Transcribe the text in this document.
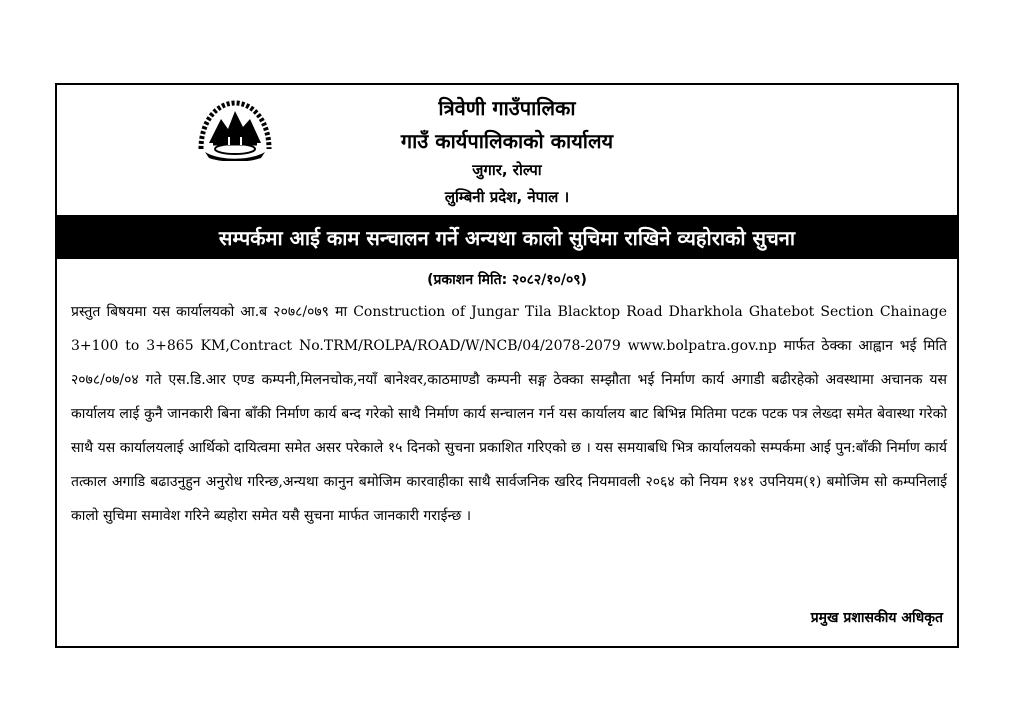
त्रिवेणी गाउँपालिका
गाउँ कार्यपालिकाको कार्यालय
जुगार, रोल्पा
लुम्बिनी प्रदेश, नेपाल ।
सम्पर्कमा आई काम सन्चालन गर्ने अन्यथा कालो सुचिमा राखिने व्यहोराको सुचना
(प्रकाशन मिति: २०८२/१०/०९)

प्रस्तुत बिषयमा यस कार्यालयको आ.ब २०७८/०७९ मा Construction of Jungar Tila Blacktop Road Dharkhola Ghatebot Section Chainage 3+100 to 3+865 KM,Contract No.TRM/ROLPA/ROAD/W/NCB/04/2078-2079 www.bolpatra.gov.np मार्फत ठेक्का आह्वान भई मिति २०७८/०७/०४ गते एस.डि.आर एण्ड कम्पनी,मिलनचोक,नयाँ बानेश्वर,काठमाण्डौ कम्पनी सङ्ग ठेक्का सम्झौता भई निर्माण कार्य अगाडी बढीरहेको अवस्थामा अचानक यस कार्यालय लाई कुनै जानकारी बिना बाँकी निर्माण कार्य बन्द गरेको साथै निर्माण कार्य सन्चालन गर्न यस कार्यालय बाट बिभिन्न मितिमा पटक पटक पत्र लेख्दा समेत बेवास्था गरेको साथै यस कार्यालयलाई आर्थिको दायित्वमा समेत असर परेकाले १५ दिनको सुचना प्रकाशित गरिएको छ । यस समयाबधि भित्र कार्यालयको सम्पर्कमा आई पुन:बाँकी निर्माण कार्य तत्काल अगाडि बढाउनुहुन अनुरोध गरिन्छ,अन्यथा कानुन बमोजिम कारवाहीका साथै सार्वजनिक खरिद नियमावली २०६४ को नियम १४१ उपनियम(१) बमोजिम सो कम्पनिलाई कालो सुचिमा समावेश गरिने ब्यहोरा समेत यसै सुचना मार्फत जानकारी गराईन्छ ।

प्रमुख प्रशासकीय अधिकृत
